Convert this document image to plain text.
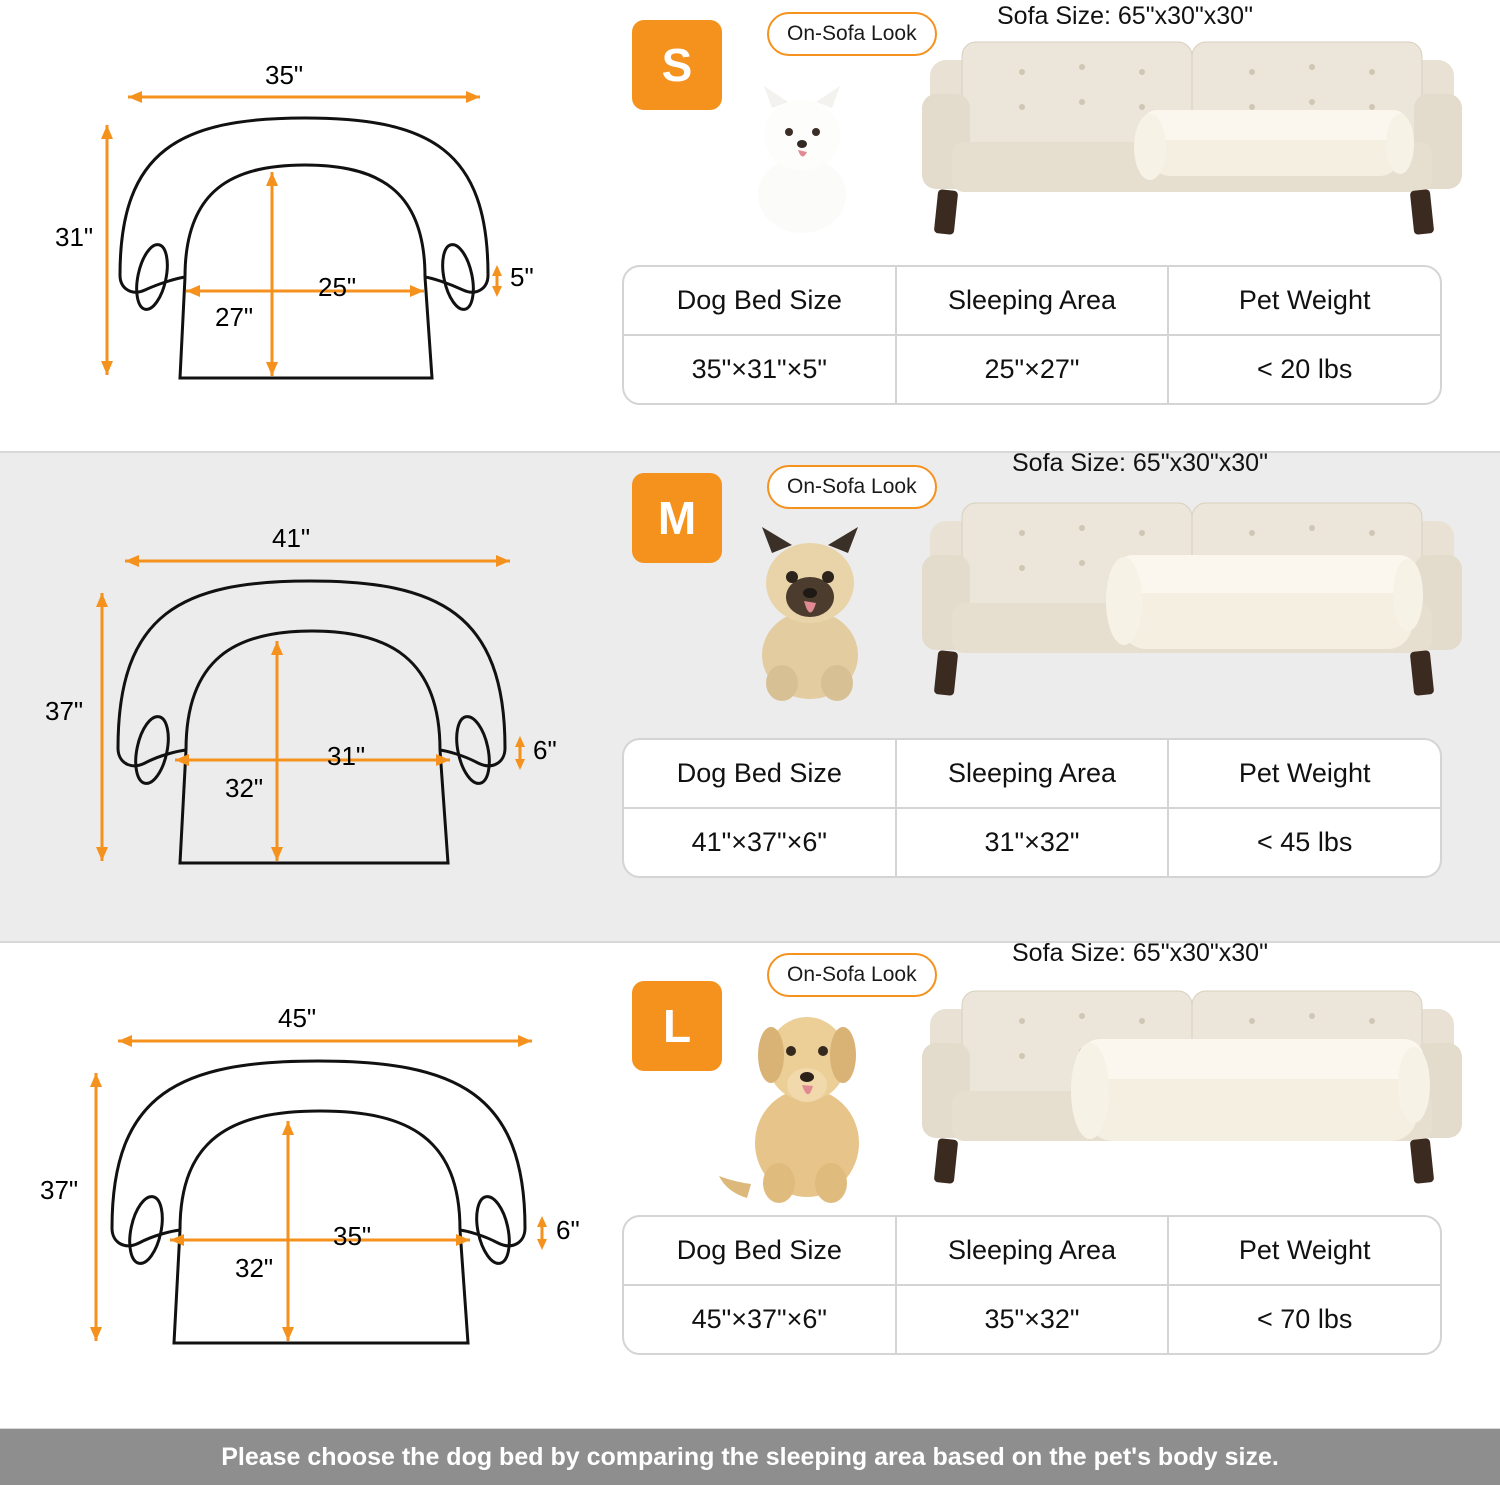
35"
31"
25"
27"
5"
S
On-Sofa Look
Sofa Size: 65"x30"x30"
Dog Bed Size	Sleeping Area	Pet Weight
35"×31"×5"	25"×27"	< 20 lbs
41"
37"
31"
32"
6"
M
On-Sofa Look
Sofa Size: 65"x30"x30"
Dog Bed Size	Sleeping Area	Pet Weight
41"×37"×6"	31"×32"	< 45 lbs
45"
37"
35"
32"
6"
L
On-Sofa Look
Sofa Size: 65"x30"x30"
Dog Bed Size	Sleeping Area	Pet Weight
45"×37"×6"	35"×32"	< 70 lbs
Please choose the dog bed by comparing the sleeping area based on the pet's body size.
